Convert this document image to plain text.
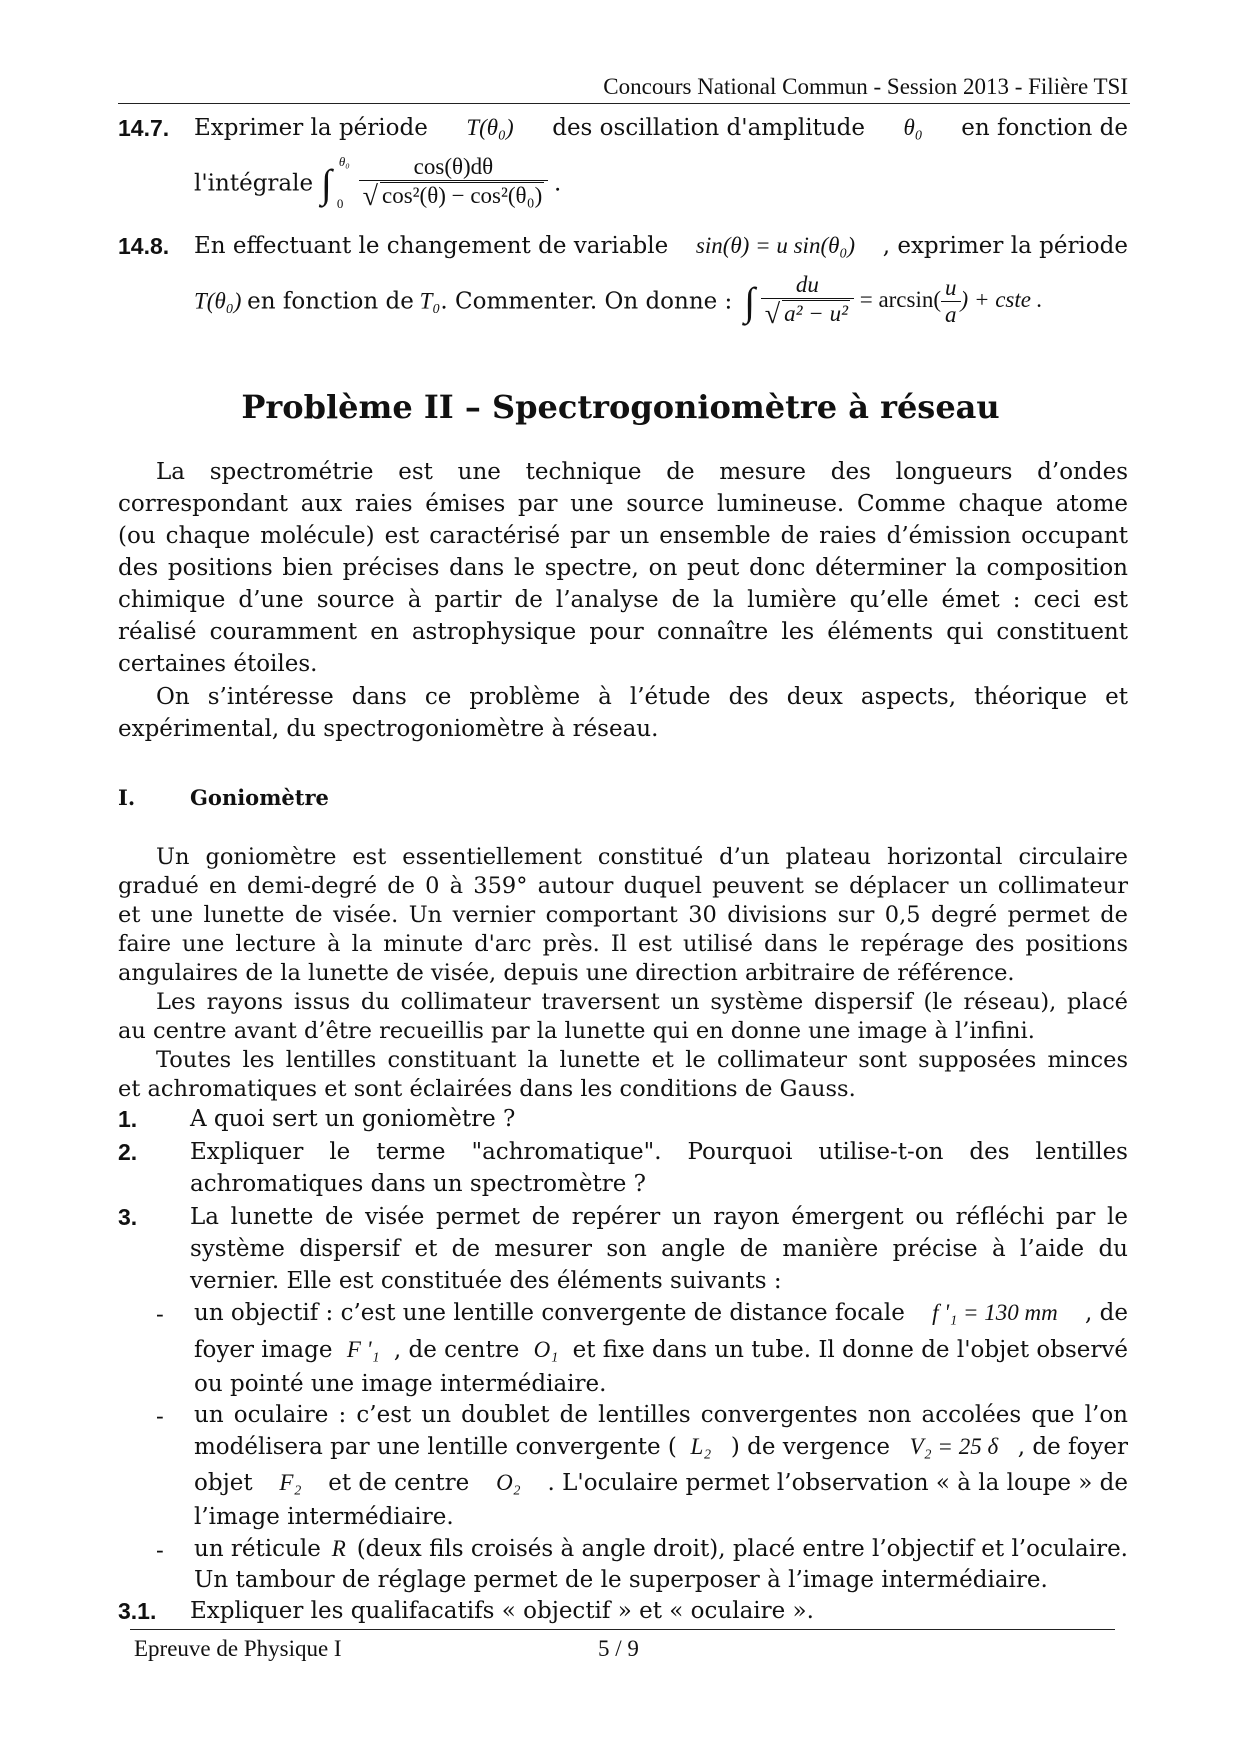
Concours National Commun - Session 2013 - Filière TSI
14.7. Exprimer la période T(θ₀) des oscillation d'amplitude θ₀ en fonction de
l'intégrale ∫ θ₀
0
$\frac{\cos(\theta)d\theta}{\text{√ cos²(θ) − cos²(θ₀)}}$ .
14.8. En effectuant le changement de variable sin(θ) = u sin(θ₀) , exprimer la période
T(θ₀) en fonction de T₀. Commenter. On donne : ∫ $\frac{du}{\text{√ a² − u²}} = \arcsin( \frac{u}{a}$ ) + cste .
Problème II – Spectrogoniomètre à réseau
La spectrométrie est une technique de mesure des longueurs d’ondes
correspondant aux raies émises par une source lumineuse. Comme chaque atome
(ou chaque molécule) est caractérisé par un ensemble de raies d’émission occupant
des positions bien précises dans le spectre, on peut donc déterminer la composition
chimique d’une source à partir de l’analyse de la lumière qu’elle émet : ceci est
réalisé couramment en astrophysique pour connaître les éléments qui constituent
certaines étoiles.
On s’intéresse dans ce problème à l’étude des deux aspects, théorique et
expérimental, du spectrogoniomètre à réseau.
I.	Goniomètre
Un goniomètre est essentiellement constitué d’un plateau horizontal circulaire
gradué en demi-degré de 0 à 359° autour duquel peuvent se déplacer un collimateur
et une lunette de visée. Un vernier comportant 30 divisions sur 0,5 degré permet de
faire une lecture à la minute d'arc près. Il est utilisé dans le repérage des positions
angulaires de la lunette de visée, depuis une direction arbitraire de référence.
Les rayons issus du collimateur traversent un système dispersif (le réseau), placé
au centre avant d’être recueillis par la lunette qui en donne une image à l’infini.
Toutes les lentilles constituant la lunette et le collimateur sont supposées minces
et achromatiques et sont éclairées dans les conditions de Gauss.
1. A quoi sert un goniomètre ?
2. Expliquer le terme "achromatique". Pourquoi utilise-t-on des lentilles
achromatiques dans un spectromètre ?
3. La lunette de visée permet de repérer un rayon émergent ou réfléchi par le
système dispersif et de mesurer son angle de manière précise à l’aide du
vernier. Elle est constituée des éléments suivants :
- un objectif : c’est une lentille convergente de distance focale f '₁ = 130 mm , de
foyer image F '₁ , de centre O₁ et fixe dans un tube. Il donne de l'objet observé
ou pointé une image intermédiaire.
- un oculaire : c’est un doublet de lentilles convergentes non accolées que l’on
modélisera par une lentille convergente ( L₂ ) de vergence V₂ = 25 δ , de foyer
objet F₂ et de centre O₂ . L'oculaire permet l’observation « à la loupe » de
l’image intermédiaire.
- un réticule R (deux fils croisés à angle droit), placé entre l’objectif et l’oculaire.
Un tambour de réglage permet de le superposer à l’image intermédiaire.
3.1. Expliquer les qualifacatifs « objectif » et « oculaire ».
Epreuve de Physique I	5 / 9
